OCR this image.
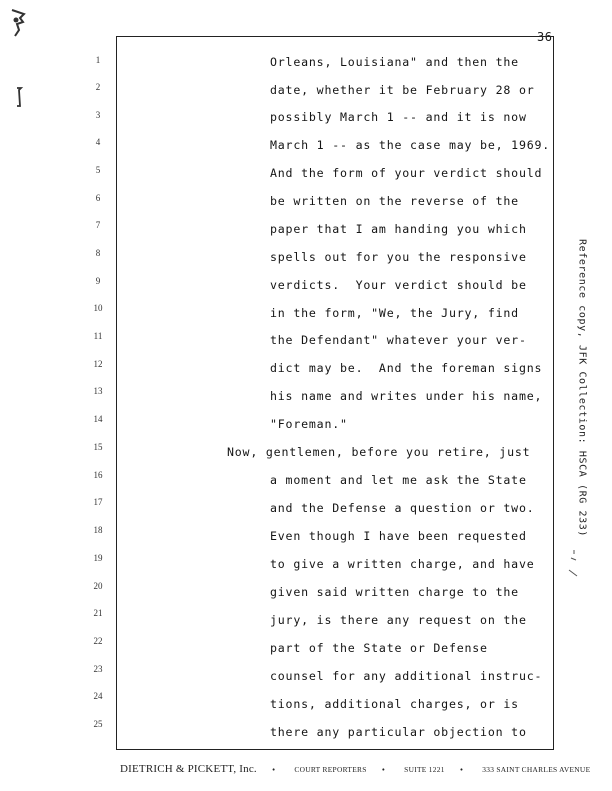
36
1
2
3
4
5
6
7
8
9
10
11
12
13
14
15
16
17
18
19
20
21
22
23
24
25
Orleans, Louisiana" and then the
date, whether it be February 28 or
possibly March 1 -- and it is now
March 1 -- as the case may be, 1969.
And the form of your verdict should
be written on the reverse of the
paper that I am handing you which
spells out for you the responsive
verdicts.  Your verdict should be
in the form, "We, the Jury, find
the Defendant" whatever your ver-
dict may be.  And the foreman signs
his name and writes under his name,
"Foreman."
Now, gentlemen, before you retire, just
a moment and let me ask the State
and the Defense a question or two.
Even though I have been requested
to give a written charge, and have
given said written charge to the
jury, is there any request on the
part of the State or Defense
counsel for any additional instruc-
tions, additional charges, or is
there any particular objection to
Reference copy, JFK Collection: HSCA (RG 233)
DIETRICH & PICKETT, Inc. •	COURT REPORTERS •	SUITE 1221 •	333 SAINT CHARLES AVENUE
